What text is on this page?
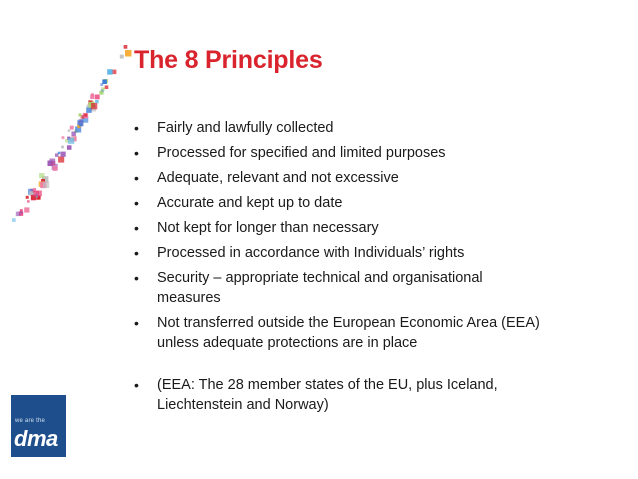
The 8 Principles
• Fairly and lawfully collected
• Processed for specified and limited purposes
• Adequate, relevant and not excessive
• Accurate and kept up to date
• Not kept for longer than necessary
• Processed in accordance with Individuals’ rights
• Security – appropriate technical and organisational
measures
• Not transferred outside the European Economic Area (EEA)
unless adequate protections are in place
• (EEA: The 28 member states of the EU, plus Iceland,
Liechtenstein and Norway)
we are the
dma
